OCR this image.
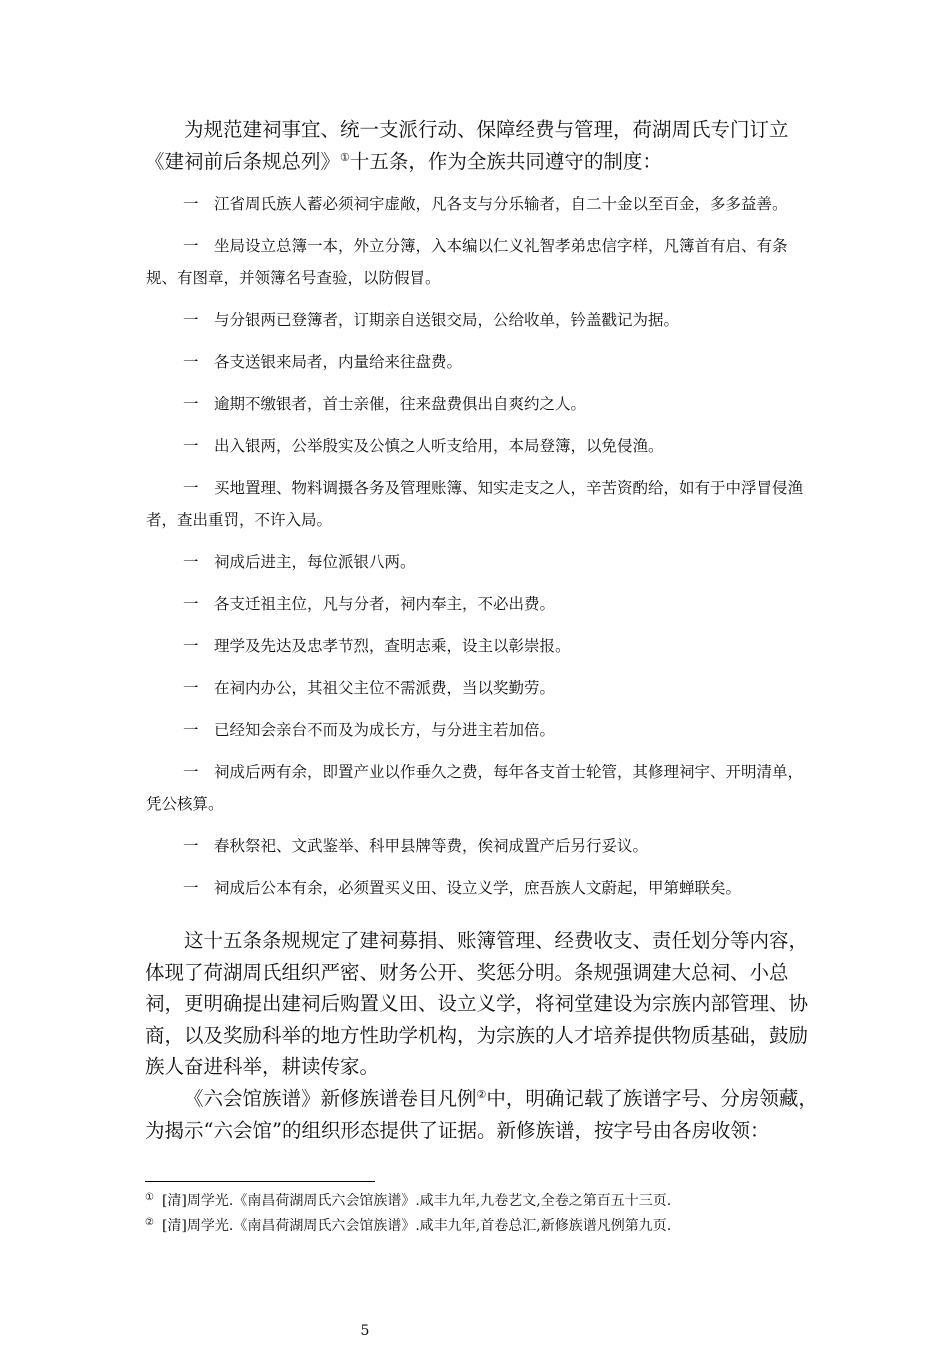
为规范建祠事宜、统一支派行动、保障经费与管理，荷湖周氏专门订立
《建祠前后条规总列》①十五条，作为全族共同遵守的制度：
一　江省周氏族人蓄必须祠宇虚敞，凡各支与分乐输者，自二十金以至百金，多多益善。
一　坐局设立总簿一本，外立分簿，入本编以仁义礼智孝弟忠信字样，凡簿首有启、有条规、有图章，并领簿名号查验，以防假冒。
一　与分银两已登簿者，订期亲自送银交局，公给收单，钤盖戳记为据。
一　各支送银来局者，内量给来往盘费。
一　逾期不缴银者，首士亲催，往来盘费俱出自爽约之人。
一　出入银两，公举殷实及公慎之人听支给用，本局登簿，以免侵渔。
一　买地置理、物料调摄各务及管理账簿、知实走支之人，辛苦资酌给，如有于中浮冒侵渔者，查出重罚，不许入局。
一　祠成后进主，每位派银八两。
一　各支迁祖主位，凡与分者，祠内奉主，不必出费。
一　理学及先达及忠孝节烈，查明志乘，设主以彰崇报。
一　在祠内办公，其祖父主位不需派费，当以奖勤劳。
一　已经知会亲台不而及为成长方，与分进主若加倍。
一　祠成后两有余，即置产业以作垂久之费，每年各支首士轮管，其修理祠宇、开明清单，凭公核算。
一　春秋祭祀、文武鉴举、科甲县牌等费，俟祠成置产后另行妥议。
一　祠成后公本有余，必须置买义田、设立义学，庶吾族人文蔚起，甲第蝉联矣。

这十五条条规规定了建祠募捐、账簿管理、经费收支、责任划分等内容，体现了荷湖周氏组织严密、财务公开、奖惩分明。条规强调建大总祠、小总祠，更明确提出建祠后购置义田、设立义学，将祠堂建设为宗族内部管理、协商，以及奖励科举的地方性助学机构，为宗族的人才培养提供物质基础，鼓励族人奋进科举，耕读传家。

《六会馆族谱》新修族谱卷目凡例②中，明确记载了族谱字号、分房领藏，为揭示“六会馆”的组织形态提供了证据。新修族谱，按字号由各房收领：

① [清]周学光.《南昌荷湖周氏六会馆族谱》.咸丰九年,九卷艺文,全卷之第百五十三页.
② [清]周学光.《南昌荷湖周氏六会馆族谱》.咸丰九年,首卷总汇,新修族谱凡例第九页.
5
